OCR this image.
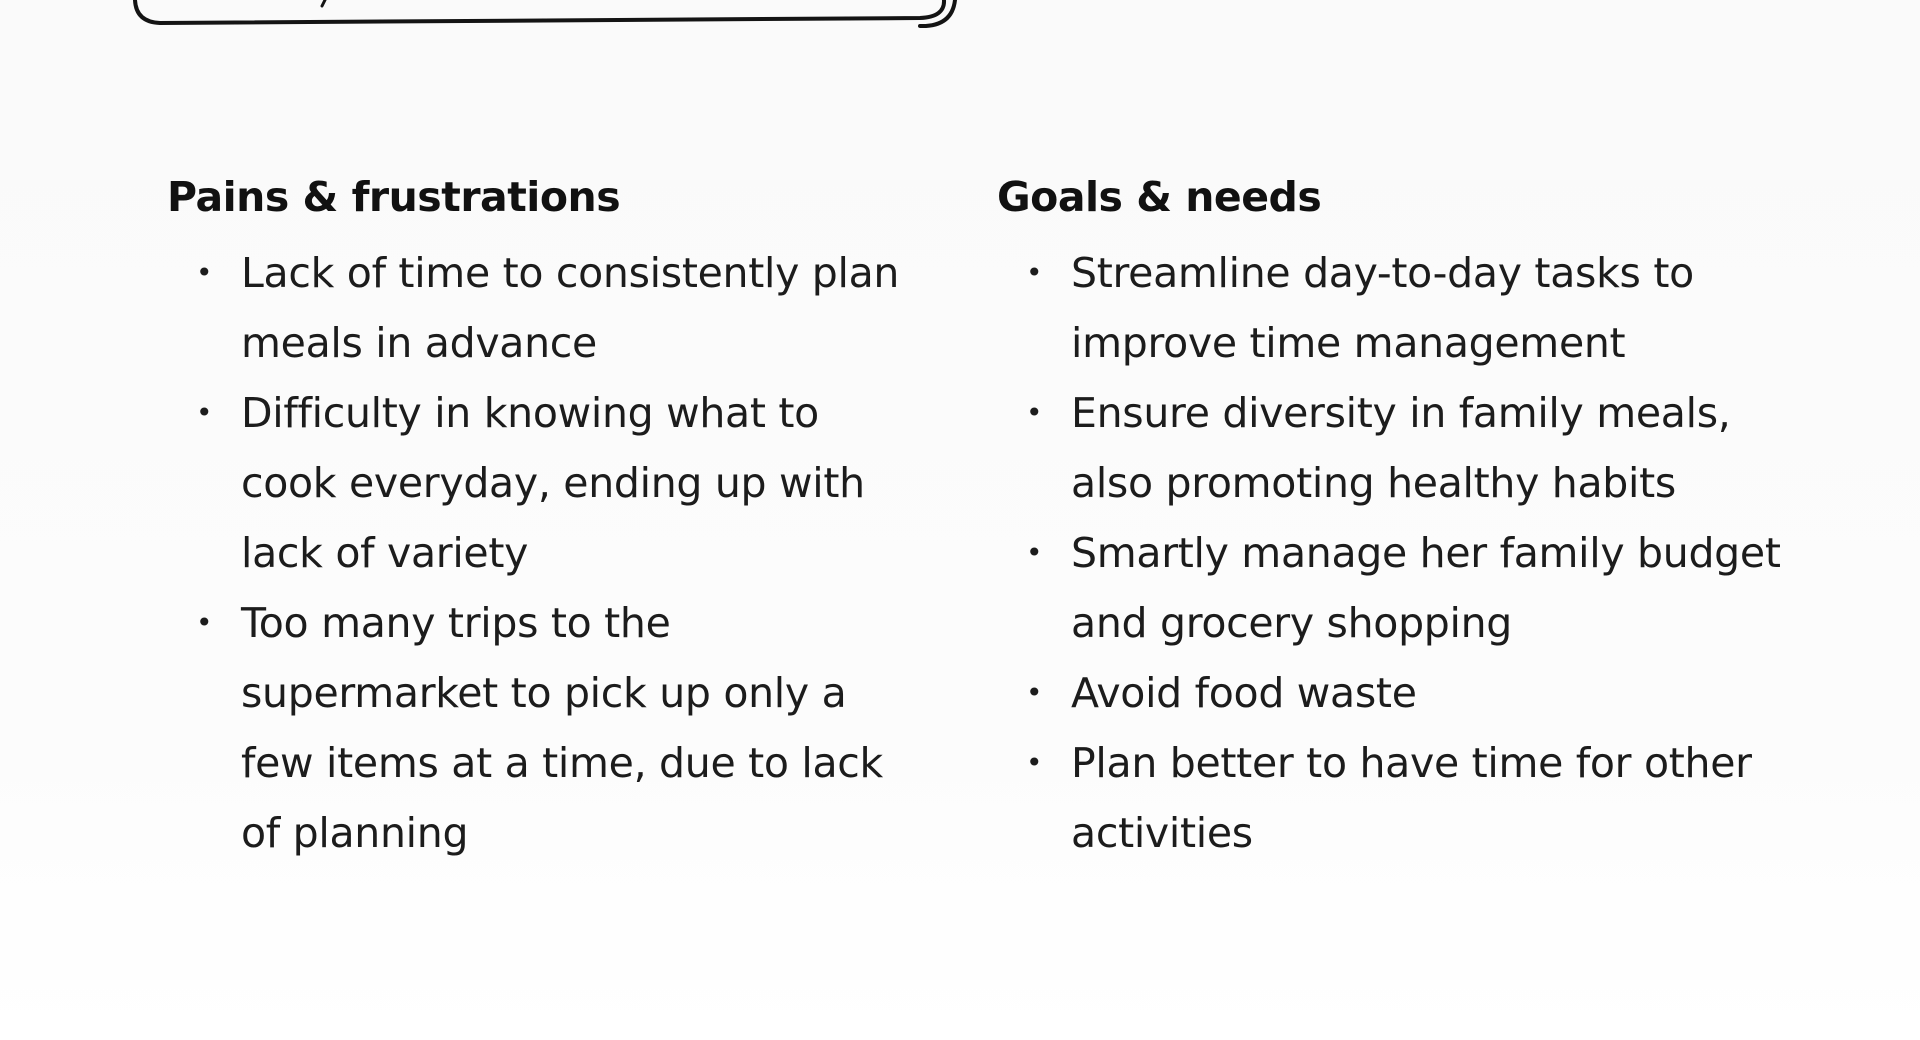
Pains & frustrations
• Lack of time to consistently plan meals in advance
• Difficulty in knowing what to cook everyday, ending up with lack of variety
• Too many trips to the supermarket to pick up only a few items at a time, due to lack of planning
Goals & needs
• Streamline day-to-day tasks to improve time management
• Ensure diversity in family meals, also promoting healthy habits
• Smartly manage her family budget and grocery shopping
• Avoid food waste
• Plan better to have time for other activities
